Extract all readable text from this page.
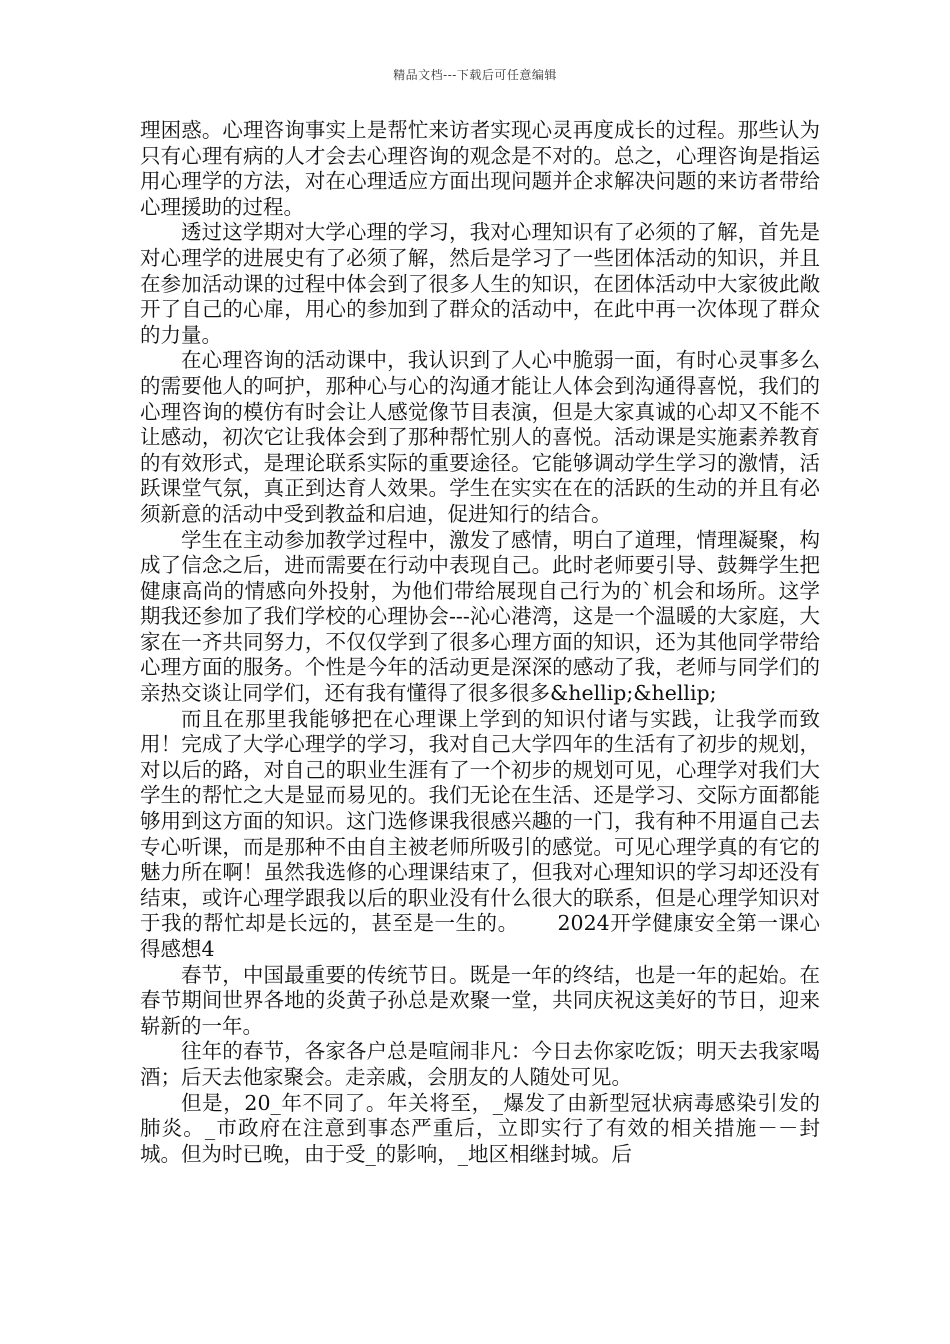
精品文档---下载后可任意编辑

理困惑。心理咨询事实上是帮忙来访者实现心灵再度成长的过程。那些认为只有心理有病的人才会去心理咨询的观念是不对的。总之，心理咨询是指运用心理学的方法，对在心理适应方面出现问题并企求解决问题的来访者带给心理援助的过程。

透过这学期对大学心理的学习，我对心理知识有了必须的了解，首先是对心理学的进展史有了必须了解，然后是学习了一些团体活动的知识，并且在参加活动课的过程中体会到了很多人生的知识，在团体活动中大家彼此敞开了自己的心扉，用心的参加到了群众的活动中，在此中再一次体现了群众的力量。

在心理咨询的活动课中，我认识到了人心中脆弱一面，有时心灵事多么的需要他人的呵护，那种心与心的沟通才能让人体会到沟通得喜悦，我们的心理咨询的模仿有时会让人感觉像节目表演，但是大家真诚的心却又不能不让感动，初次它让我体会到了那种帮忙别人的喜悦。活动课是实施素养教育的有效形式，是理论联系实际的重要途径。它能够调动学生学习的激情，活跃课堂气氛，真正到达育人效果。学生在实实在在的活跃的生动的并且有必须新意的活动中受到教益和启迪，促进知行的结合。

学生在主动参加教学过程中，激发了感情，明白了道理，情理凝聚，构成了信念之后，进而需要在行动中表现自己。此时老师要引导、鼓舞学生把健康高尚的情感向外投射，为他们带给展现自己行为的`机会和场所。这学期我还参加了我们学校的心理协会---沁心港湾，这是一个温暖的大家庭，大家在一齐共同努力，不仅仅学到了很多心理方面的知识，还为其他同学带给心理方面的服务。个性是今年的活动更是深深的感动了我，老师与同学们的亲热交谈让同学们，还有我有懂得了很多很多&hellip;&hellip;

而且在那里我能够把在心理课上学到的知识付诸与实践，让我学而致用！完成了大学心理学的学习，我对自己大学四年的生活有了初步的规划，对以后的路，对自己的职业生涯有了一个初步的规划可见，心理学对我们大学生的帮忙之大是显而易见的。我们无论在生活、还是学习、交际方面都能够用到这方面的知识。这门选修课我很感兴趣的一门，我有种不用逼自己去专心听课，而是那种不由自主被老师所吸引的感觉。可见心理学真的有它的魅力所在啊！虽然我选修的心理课结束了，但我对心理知识的学习却还没有结束，或许心理学跟我以后的职业没有什么很大的联系，但是心理学知识对于我的帮忙却是长远的，甚至是一生的。　　 2024开学健康安全第一课心得感想4

春节，中国最重要的传统节日。既是一年的终结，也是一年的起始。在春节期间世界各地的炎黄子孙总是欢聚一堂，共同庆祝这美好的节日，迎来崭新的一年。

往年的春节，各家各户总是喧闹非凡：今日去你家吃饭；明天去我家喝酒；后天去他家聚会。走亲戚，会朋友的人随处可见。

但是，20_年不同了。年关将至，_爆发了由新型冠状病毒感染引发的肺炎。_市政府在注意到事态严重后，立即实行了有效的相关措施－－封城。但为时已晚，由于受_的影响，_地区相继封城。后
